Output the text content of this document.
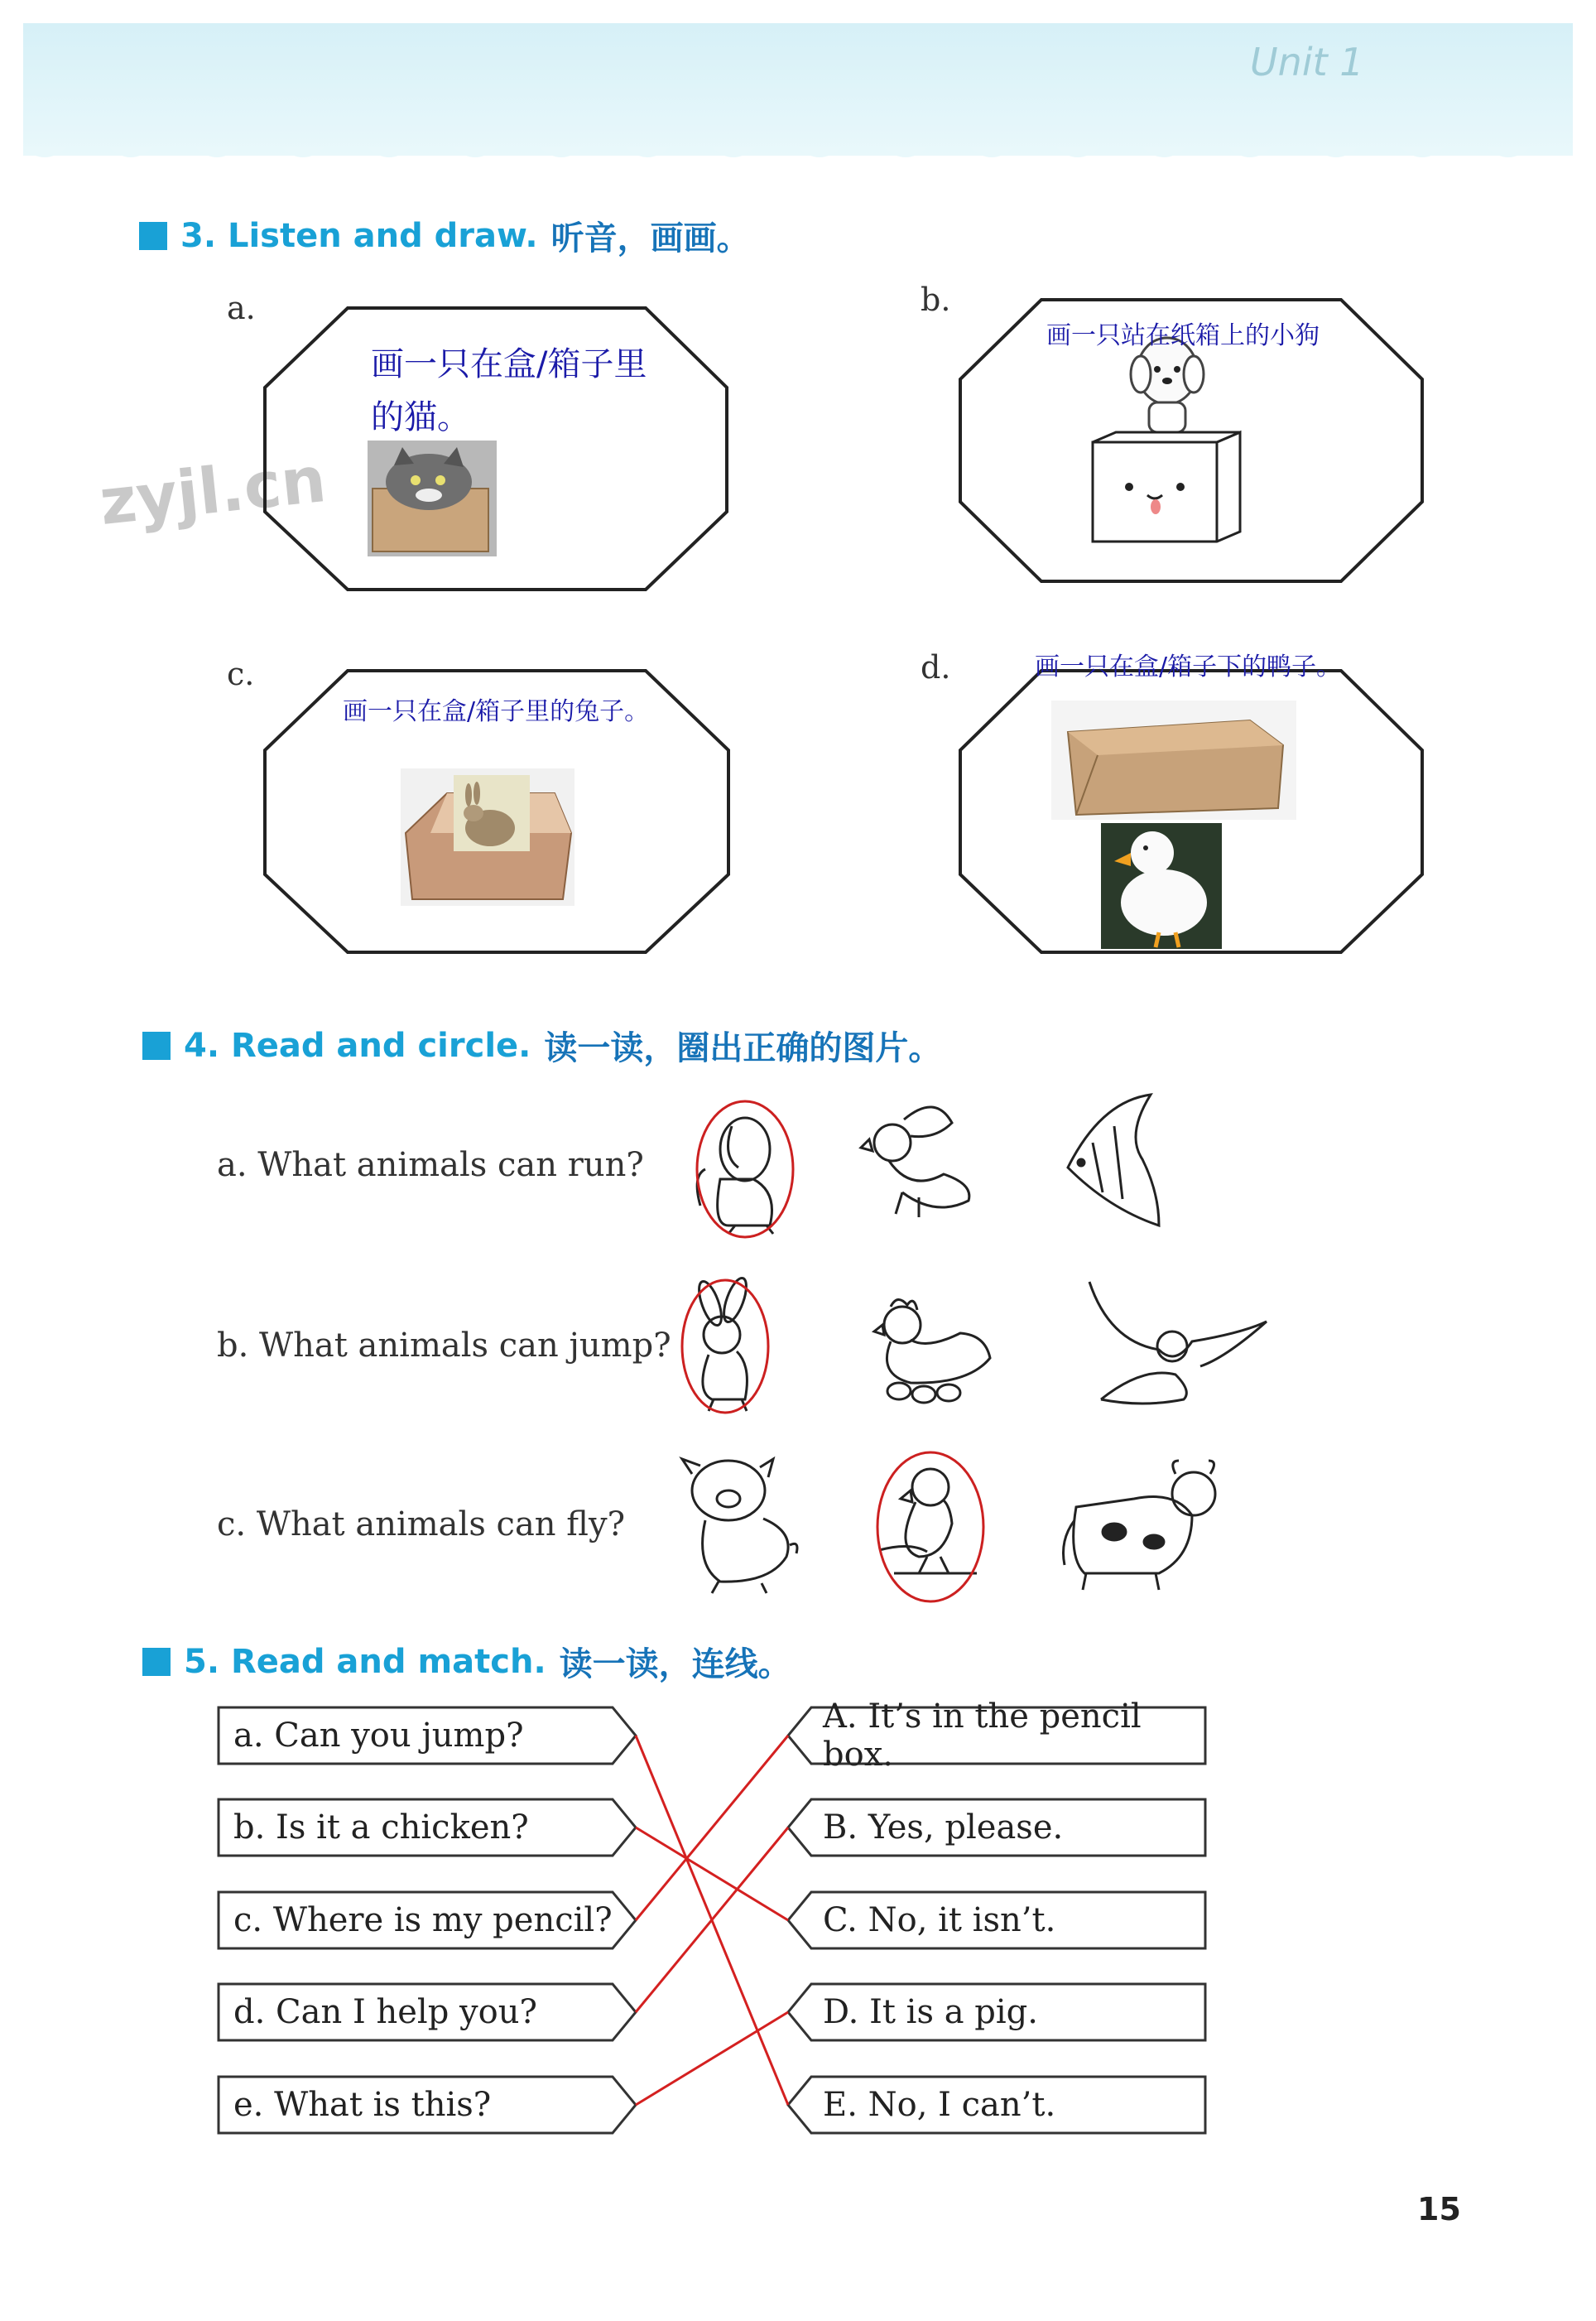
Unit 1
zyjl.cn
3. Listen and draw. 听音，画画。
a.	b.
c.	d.
画一只在盒/箱子里的猫。
画一只站在纸箱上的小狗
画一只在盒/箱子里的兔子。
画一只在盒/箱子下的鸭子。
4. Read and circle. 读一读，圈出正确的图片。
a. What animals can run?
b. What animals can jump?
c. What animals can fly?
5. Read and match. 读一读，连线。
a. Can you jump?
b. Is it a chicken?
c. Where is my pencil?
d. Can I help you?
e. What is this?
A. It’s in the pencil box.
B. Yes, please.
C. No, it isn’t.
D. It is a pig.
E. No, I can’t.
15
